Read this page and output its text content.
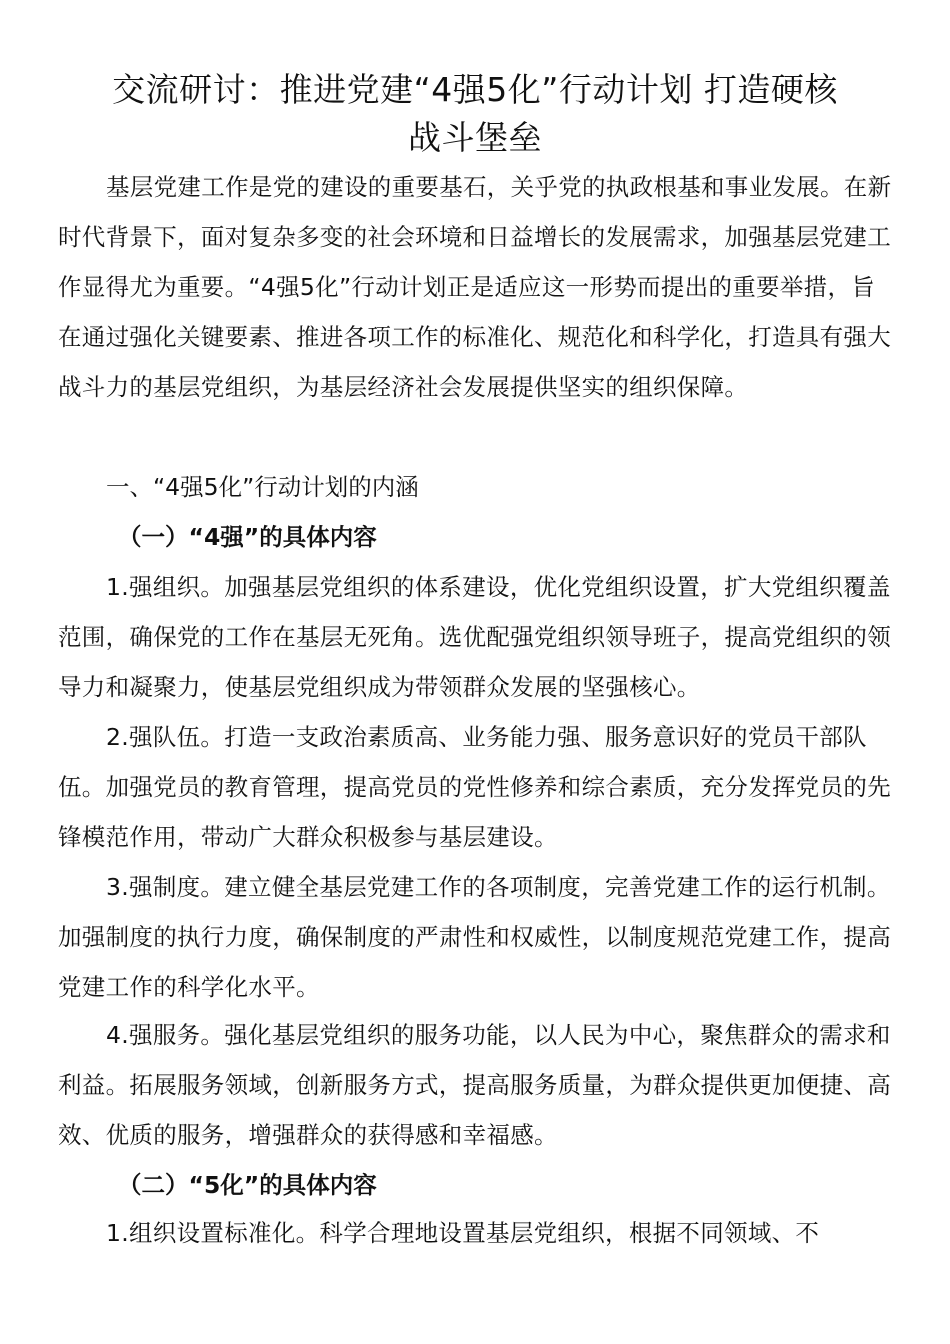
交流研讨：推进党建“4强5化”行动计划 打造硬核
战斗堡垒

基层党建工作是党的建设的重要基石，关乎党的执政根基和事业发展。在新时代背景下，面对复杂多变的社会环境和日益增长的发展需求，加强基层党建工作显得尤为重要。“4强5化”行动计划正是适应这一形势而提出的重要举措，旨在通过强化关键要素、推进各项工作的标准化、规范化和科学化，打造具有强大战斗力的基层党组织，为基层经济社会发展提供坚实的组织保障。

一、“4强5化”行动计划的内涵

（一）“4强”的具体内容

1.强组织。加强基层党组织的体系建设，优化党组织设置，扩大党组织覆盖范围，确保党的工作在基层无死角。选优配强党组织领导班子，提高党组织的领导力和凝聚力，使基层党组织成为带领群众发展的坚强核心。

2.强队伍。打造一支政治素质高、业务能力强、服务意识好的党员干部队伍。加强党员的教育管理，提高党员的党性修养和综合素质，充分发挥党员的先锋模范作用，带动广大群众积极参与基层建设。

3.强制度。建立健全基层党建工作的各项制度，完善党建工作的运行机制。加强制度的执行力度，确保制度的严肃性和权威性，以制度规范党建工作，提高党建工作的科学化水平。

4.强服务。强化基层党组织的服务功能，以人民为中心，聚焦群众的需求和利益。拓展服务领域，创新服务方式，提高服务质量，为群众提供更加便捷、高效、优质的服务，增强群众的获得感和幸福感。

（二）“5化”的具体内容

1.组织设置标准化。科学合理地设置基层党组织，根据不同领域、不
